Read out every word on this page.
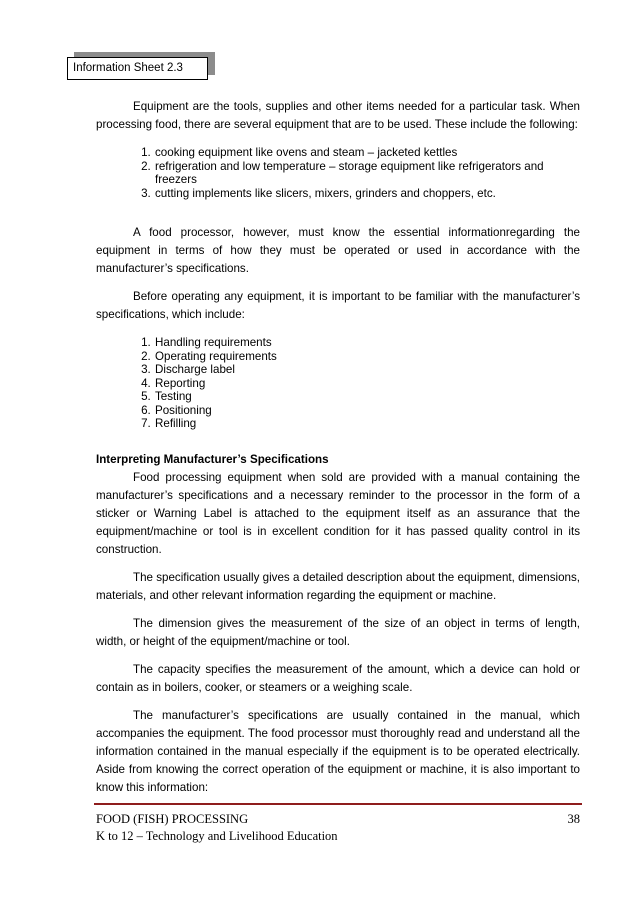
Information Sheet 2.3

Equipment are the tools, supplies and other items needed for a particular task. When processing food, there are several equipment that are to be used. These include the following:

1. cooking equipment like ovens and steam – jacketed kettles
2. refrigeration and low temperature – storage equipment like refrigerators and freezers
3. cutting implements like slicers, mixers, grinders and choppers, etc.

A food processor, however, must know the essential informationregarding the equipment in terms of how they must be operated or used in accordance with the manufacturer’s specifications.

Before operating any equipment, it is important to be familiar with the manufacturer’s specifications, which include:

1. Handling requirements
2. Operating requirements
3. Discharge label
4. Reporting
5. Testing
6. Positioning
7. Refilling

Interpreting Manufacturer’s Specifications

Food processing equipment when sold are provided with a manual containing the manufacturer’s specifications and a necessary reminder to the processor in the form of a sticker or Warning Label is attached to the equipment itself as an assurance that the equipment/machine or tool is in excellent condition for it has passed quality control in its construction.

The specification usually gives a detailed description about the equipment, dimensions, materials, and other relevant information regarding the equipment or machine.

The dimension gives the measurement of the size of an object in terms of length, width, or height of the equipment/machine or tool.

The capacity specifies the measurement of the amount, which a device can hold or contain as in boilers, cooker, or steamers or a weighing scale.

The manufacturer’s specifications are usually contained in the manual, which accompanies the equipment. The food processor must thoroughly read and understand all the information contained in the manual especially if the equipment is to be operated electrically. Aside from knowing the correct operation of the equipment or machine, it is also important to know this information:

FOOD (FISH) PROCESSING
K to 12 – Technology and Livelihood Education
38
